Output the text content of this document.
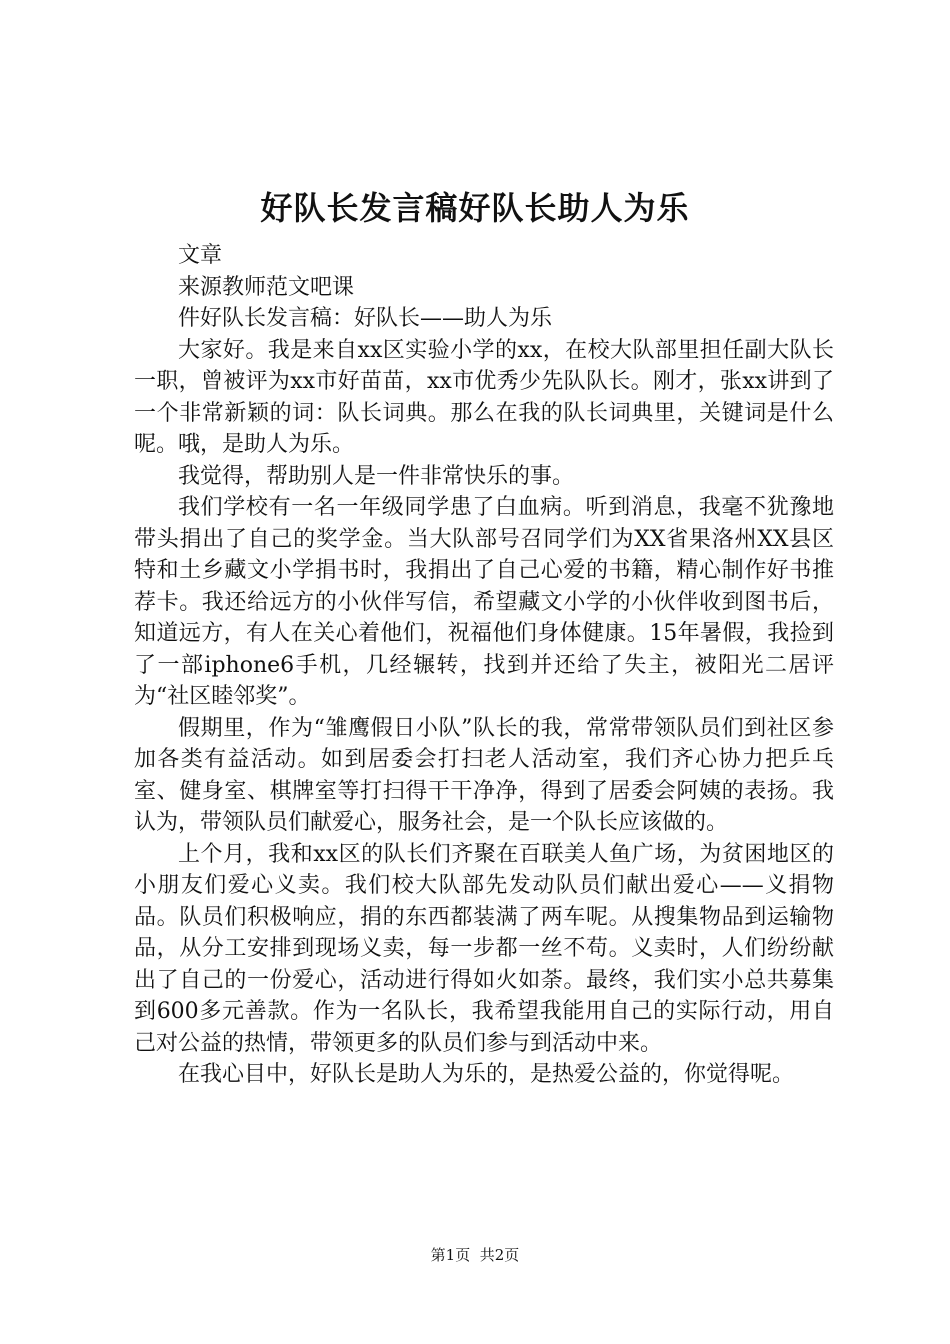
好队长发言稿好队长助人为乐

文章

来源教师范文吧课

件好队长发言稿：好队长——助人为乐

大家好。我是来自xx区实验小学的xx，在校大队部里担任副大队长一职，曾被评为xx市好苗苗，xx市优秀少先队队长。刚才，张xx讲到了一个非常新颖的词：队长词典。那么在我的队长词典里，关键词是什么呢。哦，是助人为乐。

我觉得，帮助别人是一件非常快乐的事。

我们学校有一名一年级同学患了白血病。听到消息，我毫不犹豫地带头捐出了自己的奖学金。当大队部号召同学们为XX省果洛州XX县区特和土乡藏文小学捐书时，我捐出了自己心爱的书籍，精心制作好书推荐卡。我还给远方的小伙伴写信，希望藏文小学的小伙伴收到图书后，知道远方，有人在关心着他们，祝福他们身体健康。15年暑假，我捡到了一部iphone6手机，几经辗转，找到并还给了失主，被阳光二居评为“社区睦邻奖”。

假期里，作为“雏鹰假日小队”队长的我，常常带领队员们到社区参加各类有益活动。如到居委会打扫老人活动室，我们齐心协力把乒乓室、健身室、棋牌室等打扫得干干净净，得到了居委会阿姨的表扬。我认为，带领队员们献爱心，服务社会，是一个队长应该做的。

上个月，我和xx区的队长们齐聚在百联美人鱼广场，为贫困地区的小朋友们爱心义卖。我们校大队部先发动队员们献出爱心——义捐物品。队员们积极响应，捐的东西都装满了两车呢。从搜集物品到运输物品，从分工安排到现场义卖，每一步都一丝不苟。义卖时，人们纷纷献出了自己的一份爱心，活动进行得如火如荼。最终，我们实小总共募集到600多元善款。作为一名队长，我希望我能用自己的实际行动，用自己对公益的热情，带领更多的队员们参与到活动中来。

在我心目中，好队长是助人为乐的，是热爱公益的，你觉得呢。

第1页 共2页
